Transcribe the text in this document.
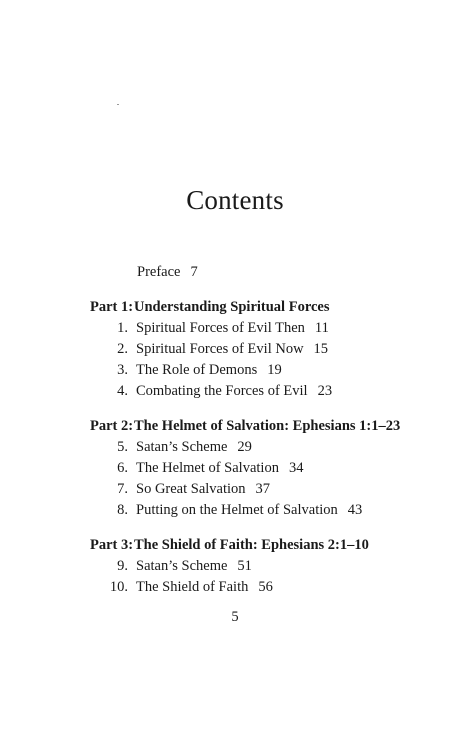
Contents
Preface 7
Part 1: Understanding Spiritual Forces
1. Spiritual Forces of Evil Then 11
2. Spiritual Forces of Evil Now 15
3. The Role of Demons 19
4. Combating the Forces of Evil 23
Part 2: The Helmet of Salvation: Ephesians 1:1–23
5. Satan’s Scheme 29
6. The Helmet of Salvation 34
7. So Great Salvation 37
8. Putting on the Helmet of Salvation 43
Part 3: The Shield of Faith: Ephesians 2:1–10
9. Satan’s Scheme 51
10. The Shield of Faith 56
5
